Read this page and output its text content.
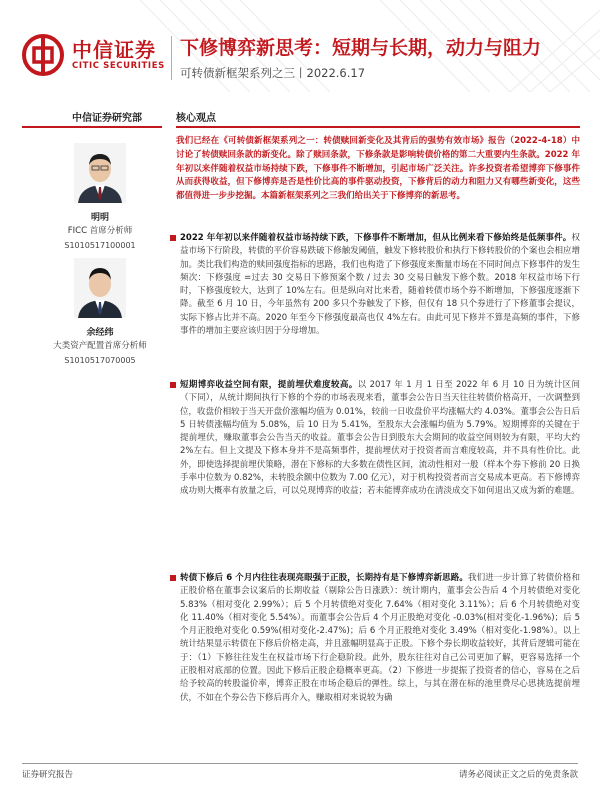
中信证券
CITIC SECURITIES
下修博弈新思考：短期与长期，动力与阻力
可转债新框架系列之三丨2022.6.17
中信证券研究部	核心观点
明明
FICC 首席分析师
S1010517100001
余经纬
大类资产配置首席分析师
S1010517070005
我们已经在《可转债新框架系列之一：转债赎回新变化及其背后的强势有效市场》报告（2022-4-18）中讨论了转债赎回条款的新变化。除了赎回条款，下修条款是影响转债价格的第二大重要内生条款。2022 年年初以来伴随着权益市场持续下跌，下修事件不断增加，引起市场广泛关注。许多投资者希望博弈下修事件从而获得收益，但下修博弈是否是性价比高的事件驱动投资，下修背后的动力和阻力又有哪些新变化，这些都值得进一步步挖掘。本篇新框架系列之三我们给出关于下修博弈的新思考。
2022 年年初以来伴随着权益市场持续下跌，下修事件不断增加，但从比例来看下修始终是低频事件。权益市场下行阶段，转债的平价容易跌破下修触发阈值，触发下修转股价和执行下修转股价的个案也会相应增加。类比我们构造的赎回强度指标的思路，我们也构造了下修强度来衡量市场在不同时间点下修事件的发生频次：下修强度 =过去 30 交易日下修预案个数 / 过去 30 交易日触发下修个数。2018 年权益市场下行时，下修强度较大，达到了 10%左右。但是纵向对比来看，随着转债市场个券不断增加，下修强度逐渐下降。截至 6 月 10 日，今年虽然有 200 多只个券触发了下修，但仅有 18 只个券进行了下修董事会提议，实际下修占比并不高。2020 年至今下修强度最高也仅 4%左右。由此可见下修并不算是高频的事件，下修事件的增加主要应该归因于分母增加。
短期博弈收益空间有限，提前埋伏难度较高。以 2017 年 1 月 1 日至 2022 年 6 月 10 日为统计区间（下同），从统计期间执行下修的个券的市场表现来看，董事会公告日当天往往转债价格高开，一次调整到位，收盘价相较于当天开盘价涨幅均值为 0.01%，较前一日收盘价平均涨幅大约 4.03%。董事会公告日后 5 日转债涨幅均值为 5.08%，后 10 日为 5.41%，至股东大会涨幅均值为 5.79%。短期博弈的关键在于提前埋伏，赚取董事会公告当天的收益。董事会公告日到股东大会期间的收益空间则较为有限，平均大约 2%左右。但上文提及下修本身并不是高频事件，提前埋伏对于投资者而言难度较高，并不具有性价比。此外，即使选择提前埋伏策略，潜在下修标的大多数在债性区间，流动性相对一般（样本个券下修前 20 日换手率中位数为 0.82%，未转股余额中位数为 7.00 亿元），对于机构投资者而言交易成本更高。若下修博弈成功则大概率有放量之后，可以兑现博弈的收益；若未能博弈成功在清淡成交下如何退出又成为新的难题。
转债下修后 6 个月内往往表现亮眼强于正股，长期持有是下修博弈新思路。我们进一步计算了转债价格和正股价格在董事会议案后的长期收益（剔除公告日涨跌）：统计期内，董事会公告后 4 个月转债绝对变化 5.83%（相对变化 2.99%）；后 5 个月转债绝对变化 7.64%（相对变化 3.11%）；后 6 个月转债绝对变化 11.40%（相对变化 5.54%）。而董事会公告后 4 个月正股绝对变化 -0.03%(相对变化-1.96%)；后 5 个月正股绝对变化 0.59%(相对变化-2.47%)；后 6 个月正股绝对变化 3.49%（相对变化-1.98%）。以上统计结果显示转债在下修后价格走高，并且涨幅明显高于正股。下修个券长期收益较好，其背后逻辑可能在于：（1）下修往往发生在权益市场下行企稳阶段。此外，股东往往对自己公司更加了解，更容易选择一个正股相对底部的位置。因此下修后正股企稳概率更高。（2）下修进一步提振了投资者的信心，容易在之后给予较高的转股溢价率，博弈正股在市场企稳后的弹性。综上，与其在潜在标的池里费尽心思挑选提前埋伏，不如在个券公告下修后再介入，赚取相对来说较为确
证券研究报告	请务必阅读正文之后的免责条款
